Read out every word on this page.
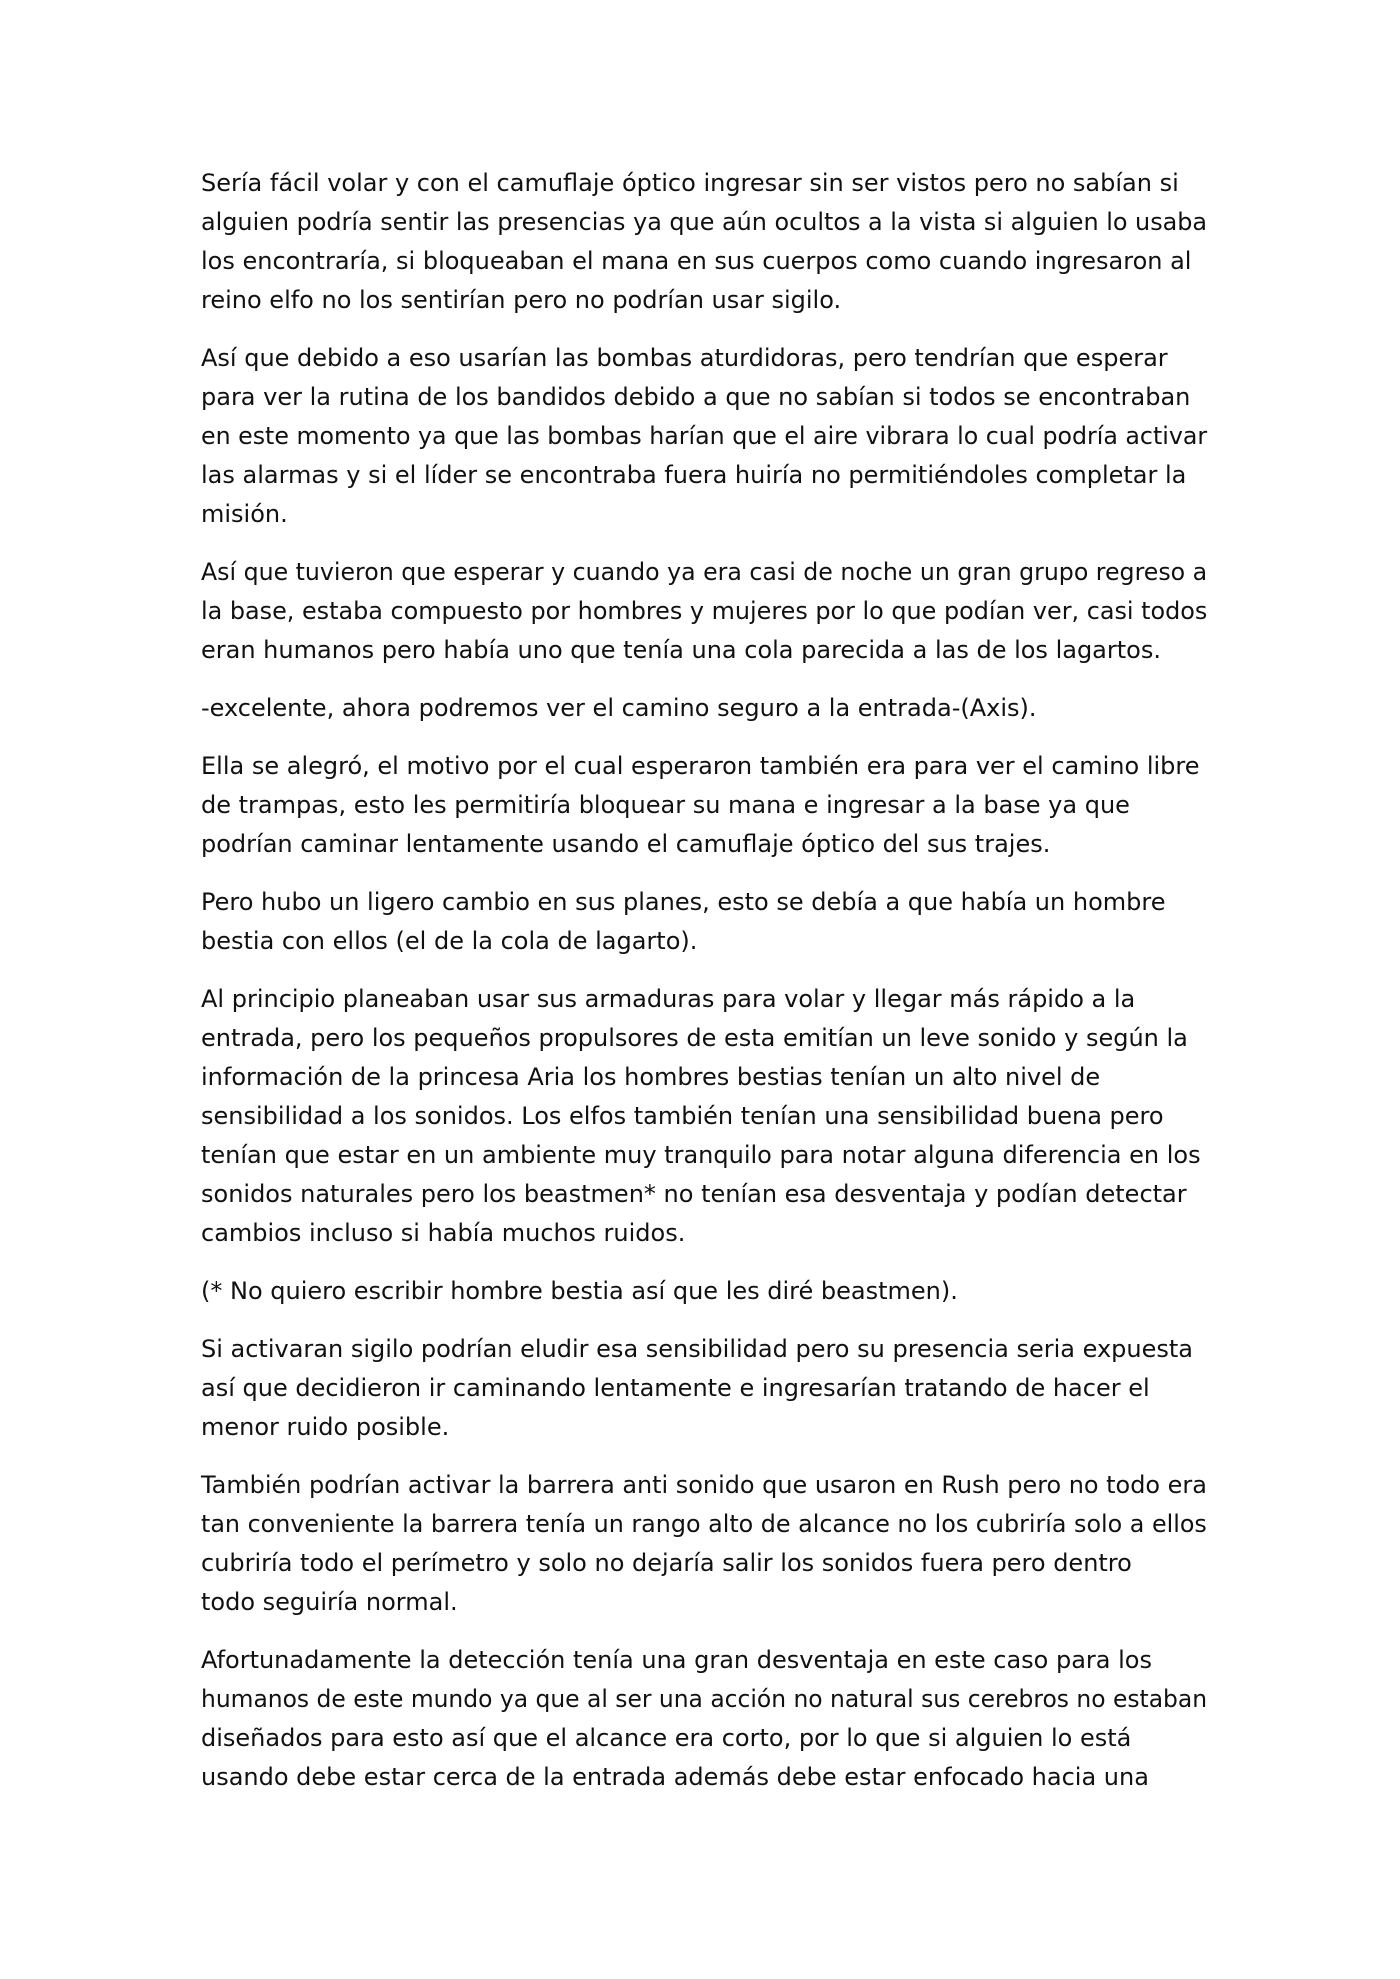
Sería fácil volar y con el camuflaje óptico ingresar sin ser vistos pero no sabían si
alguien podría sentir las presencias ya que aún ocultos a la vista si alguien lo usaba
los encontraría, si bloqueaban el mana en sus cuerpos como cuando ingresaron al
reino elfo no los sentirían pero no podrían usar sigilo.

Así que debido a eso usarían las bombas aturdidoras, pero tendrían que esperar
para ver la rutina de los bandidos debido a que no sabían si todos se encontraban
en este momento ya que las bombas harían que el aire vibrara lo cual podría activar
las alarmas y si el líder se encontraba fuera huiría no permitiéndoles completar la
misión.

Así que tuvieron que esperar y cuando ya era casi de noche un gran grupo regreso a
la base, estaba compuesto por hombres y mujeres por lo que podían ver, casi todos
eran humanos pero había uno que tenía una cola parecida a las de los lagartos.

-excelente, ahora podremos ver el camino seguro a la entrada-(Axis).

Ella se alegró, el motivo por el cual esperaron también era para ver el camino libre
de trampas, esto les permitiría bloquear su mana e ingresar a la base ya que
podrían caminar lentamente usando el camuflaje óptico del sus trajes.

Pero hubo un ligero cambio en sus planes, esto se debía a que había un hombre
bestia con ellos (el de la cola de lagarto).

Al principio planeaban usar sus armaduras para volar y llegar más rápido a la
entrada, pero los pequeños propulsores de esta emitían un leve sonido y según la
información de la princesa Aria los hombres bestias tenían un alto nivel de
sensibilidad a los sonidos. Los elfos también tenían una sensibilidad buena pero
tenían que estar en un ambiente muy tranquilo para notar alguna diferencia en los
sonidos naturales pero los beastmen* no tenían esa desventaja y podían detectar
cambios incluso si había muchos ruidos.

(* No quiero escribir hombre bestia así que les diré beastmen).

Si activaran sigilo podrían eludir esa sensibilidad pero su presencia seria expuesta
así que decidieron ir caminando lentamente e ingresarían tratando de hacer el
menor ruido posible.

También podrían activar la barrera anti sonido que usaron en Rush pero no todo era
tan conveniente la barrera tenía un rango alto de alcance no los cubriría solo a ellos
cubriría todo el perímetro y solo no dejaría salir los sonidos fuera pero dentro
todo seguiría normal.

Afortunadamente la detección tenía una gran desventaja en este caso para los
humanos de este mundo ya que al ser una acción no natural sus cerebros no estaban
diseñados para esto así que el alcance era corto, por lo que si alguien lo está
usando debe estar cerca de la entrada además debe estar enfocado hacia una
